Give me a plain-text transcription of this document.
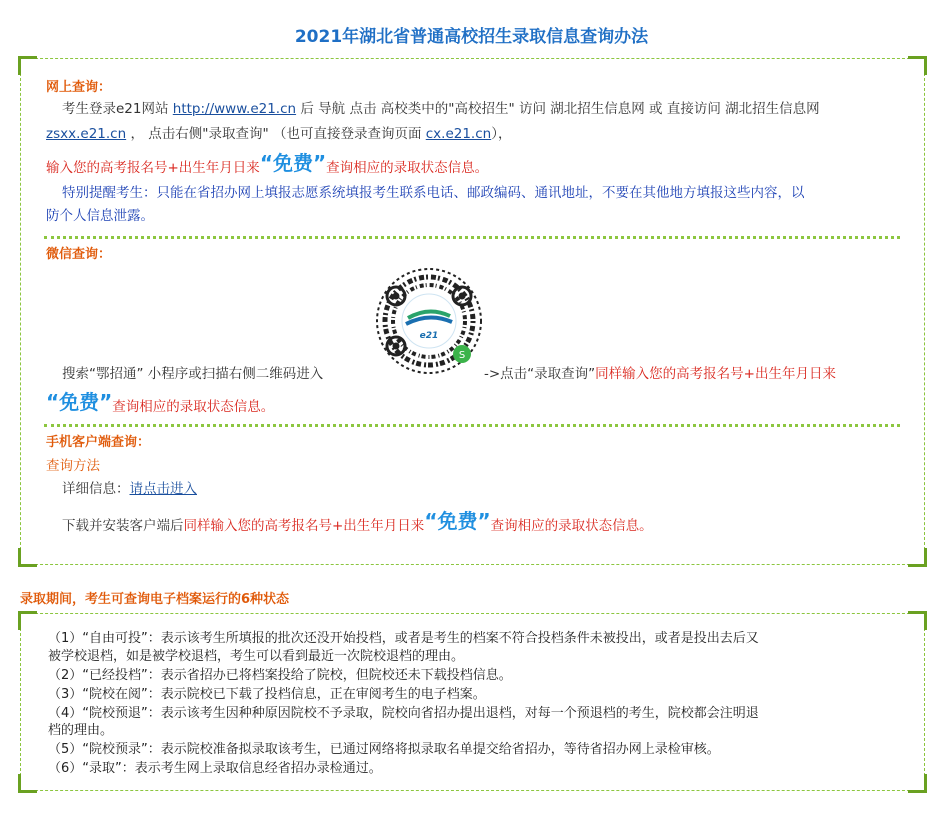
2021年湖北省普通高校招生录取信息查询办法
网上查询：
考生登录e21网站 http://www.e21.cn 后 导航 点击 高校类中的"高校招生" 访问 湖北招生信息网 或 直接访问 湖北招生信息网
zsxx.e21.cn ， 点击右侧"录取查询" （也可直接登录查询页面 cx.e21.cn），
输入您的高考报名号+出生年月日来“免费”查询相应的录取状态信息。
特别提醒考生：只能在省招办网上填报志愿系统填报考生联系电话、邮政编码、通讯地址，不要在其他地方填报这些内容，以
防个人信息泄露。
微信查询：
e21
S
搜索“鄂招通” 小程序或扫描右侧二维码进入	->点击“录取查询”同样输入您的高考报名号+出生年月日来
“免费”查询相应的录取状态信息。
手机客户端查询：
查询方法
详细信息：请点击进入
下载并安装客户端后同样输入您的高考报名号+出生年月日来“免费”查询相应的录取状态信息。
录取期间，考生可查询电子档案运行的6种状态
（1）“自由可投”：表示该考生所填报的批次还没开始投档，或者是考生的档案不符合投档条件未被投出，或者是投出去后又
被学校退档，如是被学校退档，考生可以看到最近一次院校退档的理由。
（2）“已经投档”：表示省招办已将档案投给了院校，但院校还未下载投档信息。
（3）“院校在阅”：表示院校已下载了投档信息，正在审阅考生的电子档案。
（4）“院校预退”：表示该考生因种种原因院校不予录取，院校向省招办提出退档，对每一个预退档的考生，院校都会注明退
档的理由。
（5）“院校预录”：表示院校准备拟录取该考生，已通过网络将拟录取名单提交给省招办，等待省招办网上录检审核。
（6）“录取”：表示考生网上录取信息经省招办录检通过。
